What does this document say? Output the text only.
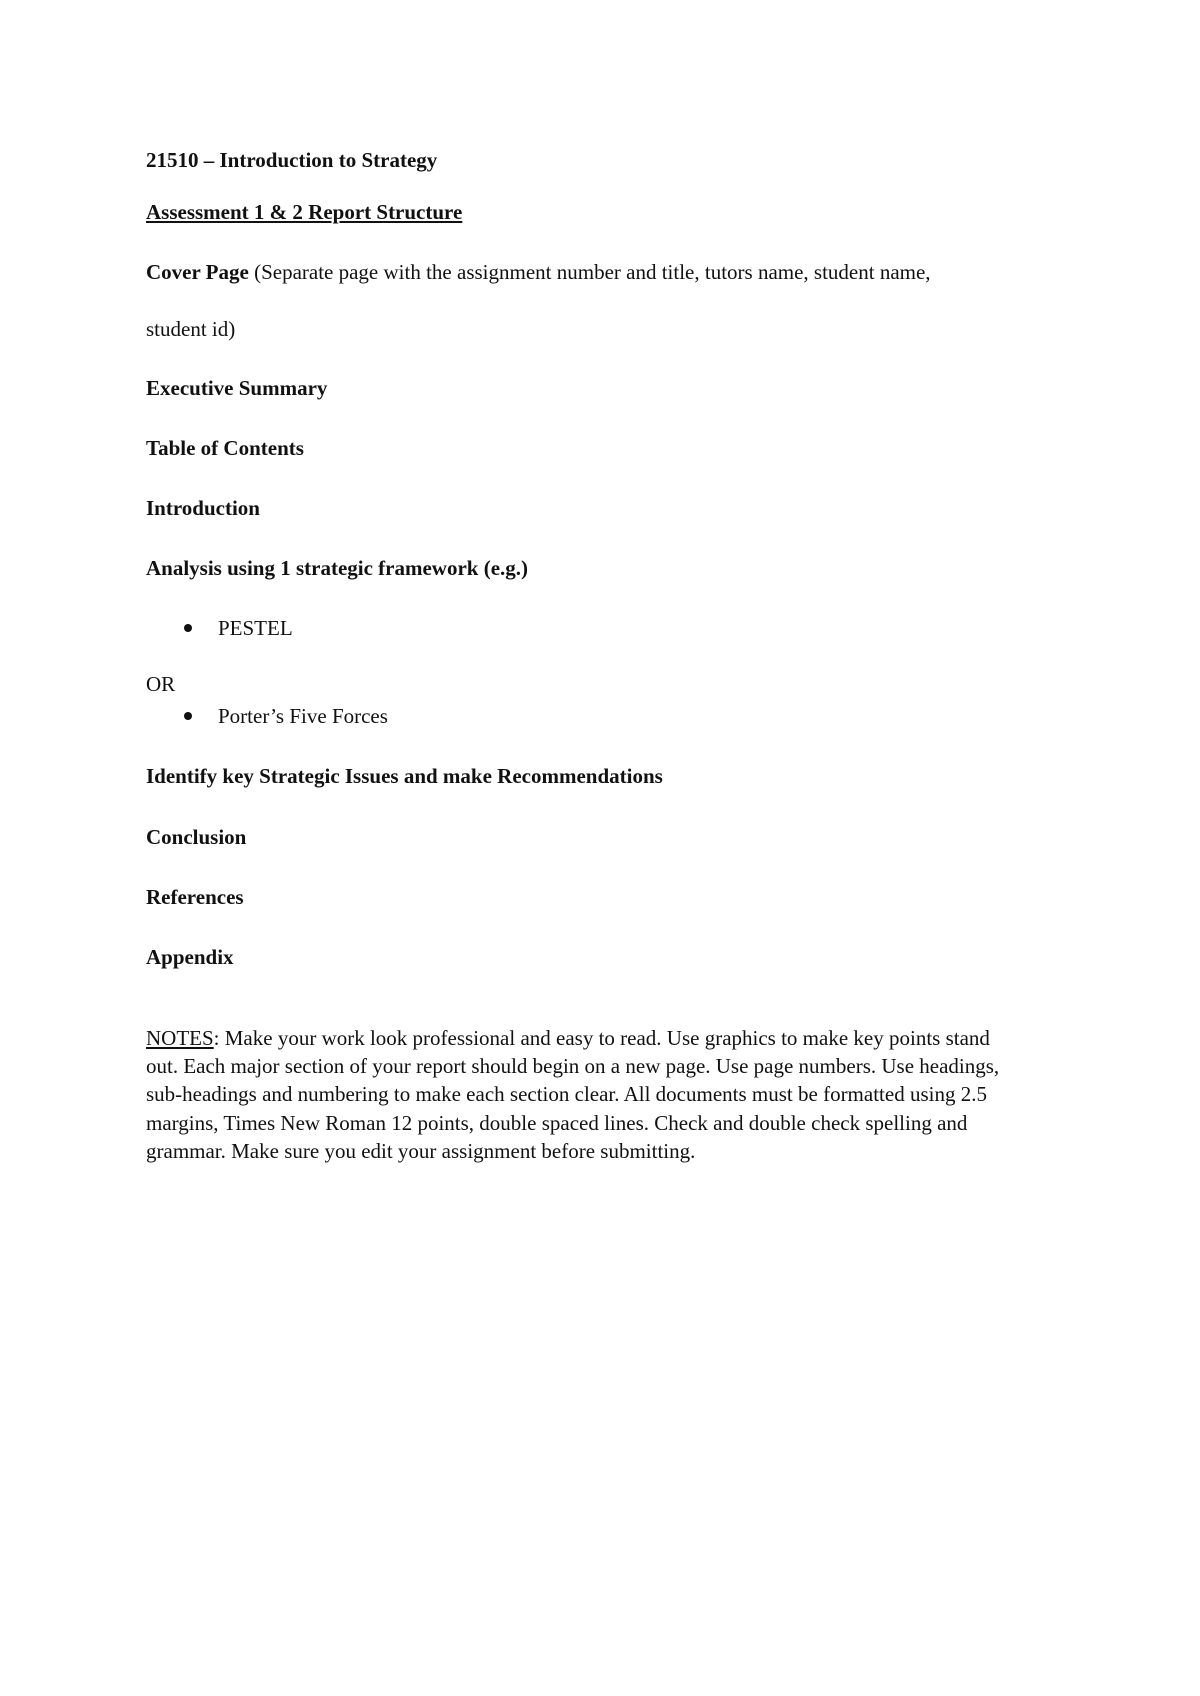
21510 – Introduction to Strategy
Assessment 1 & 2 Report Structure
Cover Page (Separate page with the assignment number and title, tutors name, student name,
student id)
Executive Summary
Table of Contents
Introduction
Analysis using 1 strategic framework (e.g.)
PESTEL
OR
Porter’s Five Forces
Identify key Strategic Issues and make Recommendations
Conclusion
References
Appendix
NOTES: Make your work look professional and easy to read. Use graphics to make key points stand out. Each major section of your report should begin on a new page. Use page numbers. Use headings, sub-headings and numbering to make each section clear. All documents must be formatted using 2.5 margins, Times New Roman 12 points, double spaced lines. Check and double check spelling and grammar. Make sure you edit your assignment before submitting.
